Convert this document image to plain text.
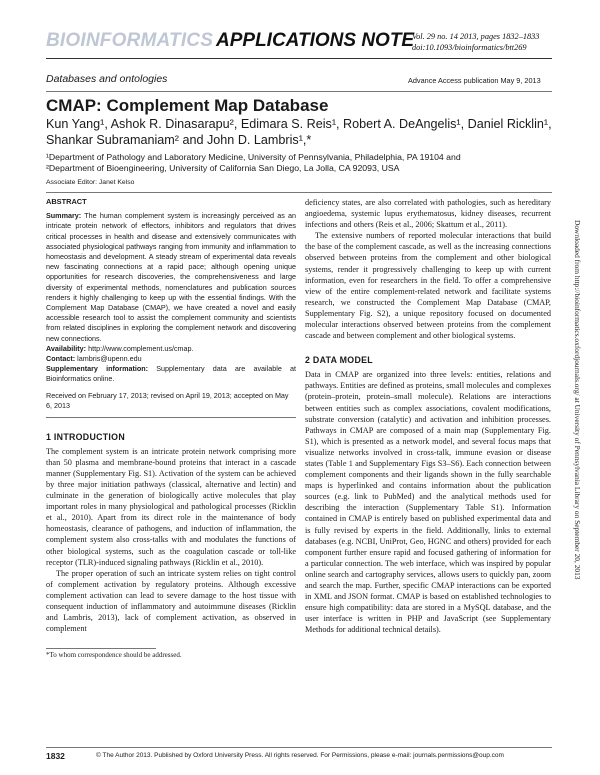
BIOINFORMATICS APPLICATIONS NOTE
Vol. 29 no. 14 2013, pages 1832–1833
doi:10.1093/bioinformatics/btt269
Databases and ontologies	Advance Access publication May 9, 2013
CMAP: Complement Map Database
Kun Yang¹, Ashok R. Dinasarapu², Edimara S. Reis¹, Robert A. DeAngelis¹, Daniel Ricklin¹,
Shankar Subramaniam² and John D. Lambris¹,*
¹Department of Pathology and Laboratory Medicine, University of Pennsylvania, Philadelphia, PA 19104 and
²Department of Bioengineering, University of California San Diego, La Jolla, CA 92093, USA
Associate Editor: Janet Kelso
ABSTRACT

Summary: The human complement system is increasingly perceived as an intricate protein network of effectors, inhibitors and regulators that drives critical processes in health and disease and extensively communicates with associated physiological pathways ranging from immunity and inflammation to homeostasis and development. A steady stream of experimental data reveals new fascinating connections at a rapid pace; although opening unique opportunities for research discoveries, the comprehensiveness and large diversity of experimental methods, nomenclatures and publication sources renders it highly challenging to keep up with the essential findings. With the Complement Map Database (CMAP), we have created a novel and easily accessible research tool to assist the complement community and scientists from related disciplines in exploring the complement network and discovering new connections.

Availability: http://www.complement.us/cmap.

Contact: lambris@upenn.edu

Supplementary information: Supplementary data are available at Bioinformatics online.

Received on February 17, 2013; revised on April 19, 2013; accepted on May 6, 2013

1 INTRODUCTION

The complement system is an intricate protein network comprising more than 50 plasma and membrane-bound proteins that interact in a cascade manner (Supplementary Fig. S1). Activation of the system can be achieved by three major initiation pathways (classical, alternative and lectin) and culminate in the generation of biologically active molecules that play important roles in many physiological and pathological processes (Ricklin et al., 2010). Apart from its direct role in the maintenance of body homeostasis, clearance of pathogens, and induction of inflammation, the complement system also cross-talks with and modulates the functions of other biological systems, such as the coagulation cascade or toll-like receptor (TLR)-induced signaling pathways (Ricklin et al., 2010).

The proper operation of such an intricate system relies on tight control of complement activation by regulatory proteins. Although excessive complement activation can lead to severe damage to the host tissue with consequent induction of inflammatory and autoimmune diseases (Ricklin and Lambris, 2013), lack of complement activation, as observed in complement

*To whom correspondence should be addressed.

deficiency states, are also correlated with pathologies, such as hereditary angioedema, systemic lupus erythematosus, kidney diseases, recurrent infections and others (Reis et al., 2006; Skattum et al., 2011).

The extensive numbers of reported molecular interactions that build the base of the complement cascade, as well as the increasing connections observed between proteins from the complement and other biological systems, render it progressively challenging to keep up with current information, even for researchers in the field. To offer a comprehensive view of the entire complement-related network and facilitate systems research, we constructed the Complement Map Database (CMAP, Supplementary Fig. S2), a unique repository focused on documented molecular interactions observed between proteins from the complement cascade and between complement and other biological systems.

2 DATA MODEL

Data in CMAP are organized into three levels: entities, relations and pathways. Entities are defined as proteins, small molecules and complexes (protein–protein, protein–small molecule). Relations are interactions between entities such as complex associations, covalent modifications, substrate conversion (catalytic) and activation and inhibition processes. Pathways in CMAP are composed of a main map (Supplementary Fig. S1), which is presented as a network model, and several focus maps that visualize networks involved in cross-talk, immune evasion or disease states (Table 1 and Supplementary Figs S3–S6). Each connection between complement components and their ligands shown in the fully searchable maps is hyperlinked and contains information about the publication sources (e.g. link to PubMed) and the analytical methods used for describing the interaction (Supplementary Table S1). Information contained in CMAP is entirely based on published experimental data and is fully revised by experts in the field. Additionally, links to external databases (e.g. NCBI, UniProt, Geo, HGNC and others) provided for each component further ensure rapid and focused gathering of information for a particular connection. The web interface, which was inspired by popular online search and cartography services, allows users to quickly pan, zoom and search the map. Further, specific CMAP interactions can be exported in XML and JSON format. CMAP is based on established technologies to ensure high compatibility: data are stored in a MySQL database, and the user interface is written in PHP and JavaScript (see Supplementary Methods for additional technical details).

1832	© The Author 2013. Published by Oxford University Press. All rights reserved. For Permissions, please e-mail: journals.permissions@oup.com
Downloaded from http://bioinformatics.oxfordjournals.org/ at University of Pennsylvania Library on September 20, 2013
